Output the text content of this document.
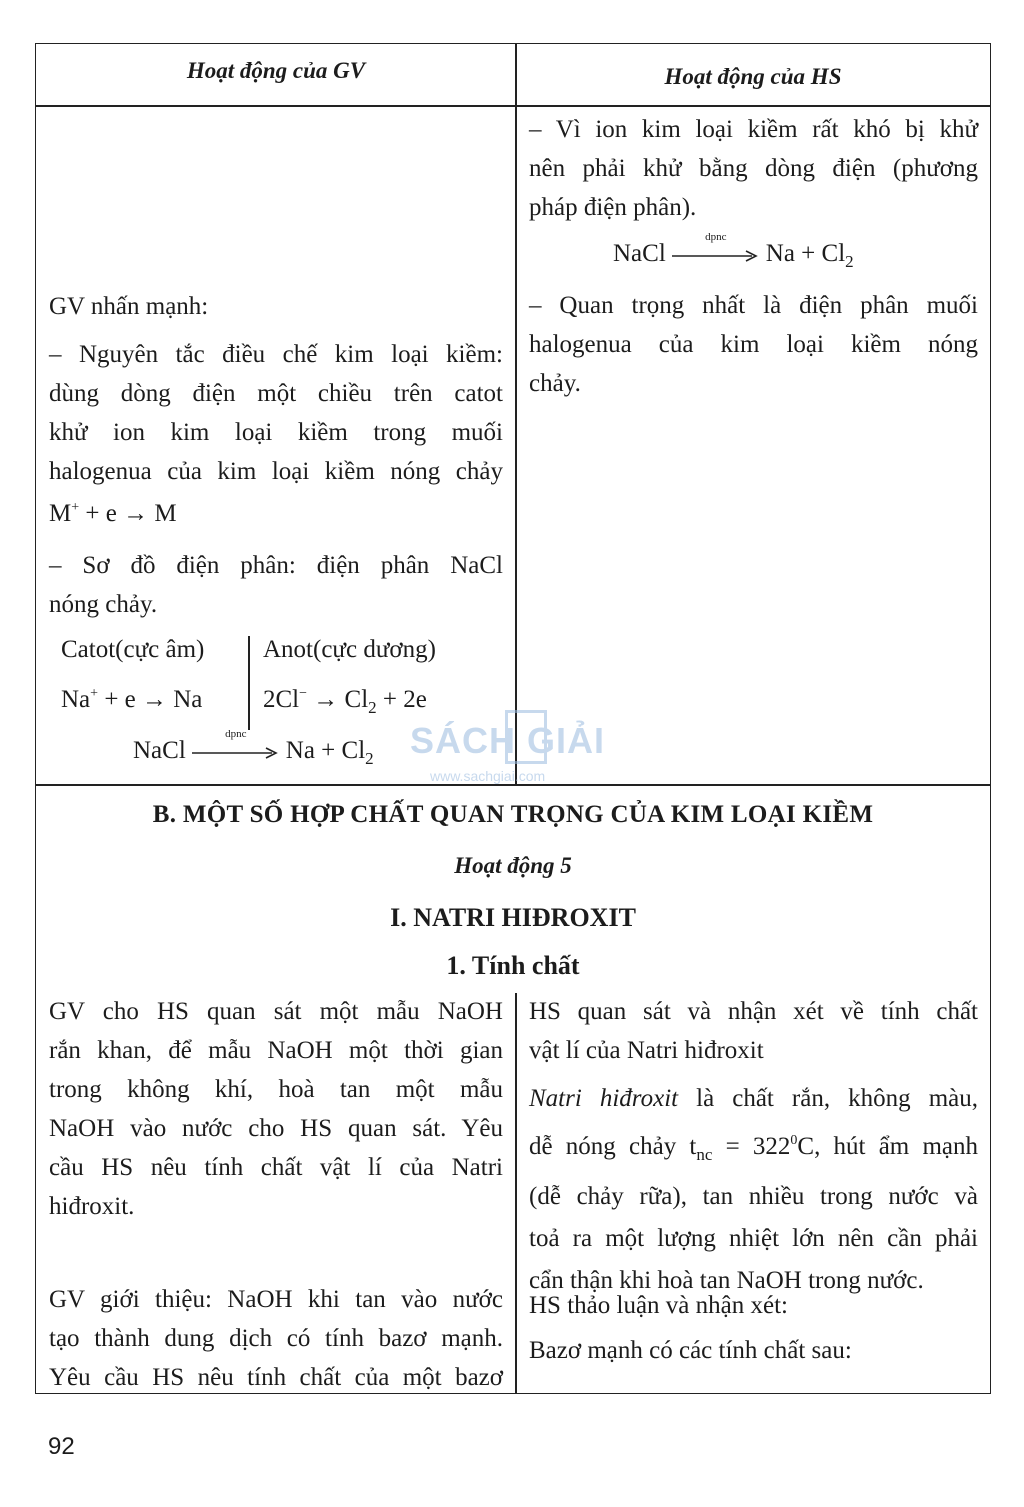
Hoạt động của GV	Hoạt động của HS
– Vì ion kim loại kiềm rất khó bị khử
nên phải khử bằng dòng điện (phương
pháp điện phân).
NaCl
dpnc
$Na + Cl_2$
– Quan trọng nhất là điện phân muối
halogenua của kim loại kiềm nóng
chảy.
GV nhấn mạnh:
– Nguyên tắc điều chế kim loại kiềm:
dùng dòng điện một chiều trên catot
khử ion kim loại kiềm trong muối
halogenua của kim loại kiềm nóng chảy
M+ + e → M
– Sơ đồ điện phân: điện phân NaCl
nóng chảy.
Catot(cực âm)
Na+ + e → Na
Anot(cực dương)
$2Cl^- \to Cl_2 + 2e$
NaCl
dpnc
$Na + Cl_2$ SÁCH GIẢI
www.sachgiai.com
B. MỘT SỐ HỢP CHẤT QUAN TRỌNG CỦA KIM LOẠI KIỀM
Hoạt động 5
I. NATRI HIĐROXIT
1. Tính chất
GV cho HS quan sát một mẫu NaOH
rắn khan, để mẫu NaOH một thời gian
trong không khí, hoà tan một mẫu
NaOH vào nước cho HS quan sát. Yêu
cầu HS nêu tính chất vật lí của Natri
hiđroxit.
GV giới thiệu: NaOH khi tan vào nước
tạo thành dung dịch có tính bazơ mạnh.
Yêu cầu HS nêu tính chất của một bazơ
HS quan sát và nhận xét về tính chất
vật lí của Natri hiđroxit
Natri hiđroxit là chất rắn, không màu,
dễ nóng chảy $t_{nc} = 322^0C$, hút ẩm mạnh
(dễ chảy rữa), tan nhiều trong nước và
toả ra một lượng nhiệt lớn nên cần phải
cẩn thận khi hoà tan NaOH trong nước.
HS thảo luận và nhận xét:
Bazơ mạnh có các tính chất sau:
92
